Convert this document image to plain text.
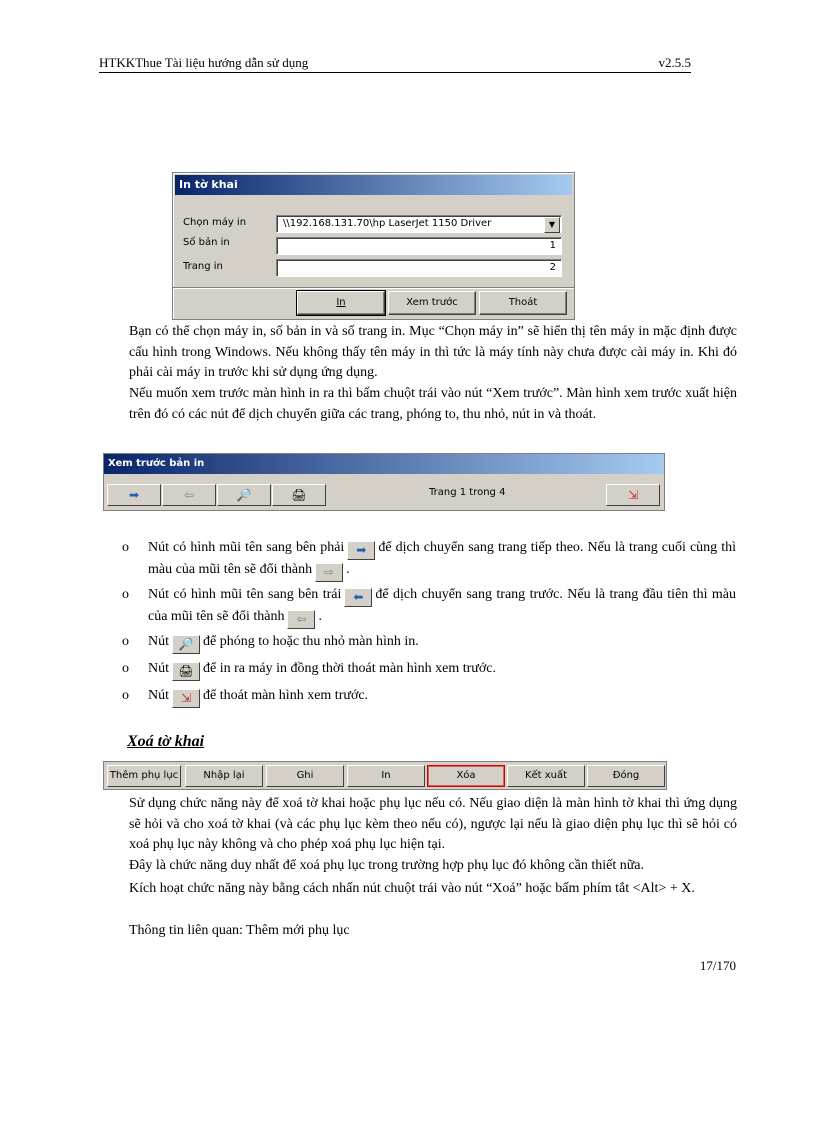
HTKKThue Tài liệu hướng dẫn sử dụng	v2.5.5
In tờ khai
Chọn máy in	\\192.168.131.70\hp LaserJet 1150 Driver	▼
Số bản in	1
Trang in	2
In	Xem trước	Thoát
Bạn có thể chọn máy in, số bản in và số trang in. Mục “Chọn máy in” sẽ hiển thị tên máy in mặc định được cấu hình trong Windows. Nếu không thấy tên máy in thì tức là máy tính này chưa được cài máy in. Khi đó phải cài máy in trước khi sử dụng ứng dụng.
Nếu muốn xem trước màn hình in ra thì bấm chuột trái vào nút “Xem trước”. Màn hình xem trước xuất hiện trên đó có các nút để dịch chuyển giữa các trang, phóng to, thu nhỏ, nút in và thoát.
Xem trước bản in
➡	⇦	🔎	🖨	Trang 1 trong 4	⇲
o Nút có hình mũi tên sang bên phải ➡ để dịch chuyển sang trang tiếp theo. Nếu là trang cuối cùng thì màu của mũi tên sẽ đổi thành ⇨ .
o Nút có hình mũi tên sang bên trái ⬅ để dịch chuyển sang trang trước. Nếu là trang đầu tiên thì màu của mũi tên sẽ đổi thành ⇦ .
o Nút 🔎 để phóng to hoặc thu nhỏ màn hình in.
o Nút 🖨 để in ra máy in đồng thời thoát màn hình xem trước.
o Nút ⇲ để thoát màn hình xem trước.
Xoá tờ khai
Thêm phụ lục	Nhập lại	Ghi	In	Xóa	Kết xuất	Đóng
Sử dụng chức năng này để xoá tờ khai hoặc phụ lục nếu có. Nếu giao diện là màn hình tờ khai thì ứng dụng sẽ hỏi và cho xoá tờ khai (và các phụ lục kèm theo nếu có), ngược lại nếu là giao diện phụ lục thì sẽ hỏi có xoá phụ lục này không và cho phép xoá phụ lục hiện tại.
Đây là chức năng duy nhất để xoá phụ lục trong trường hợp phụ lục đó không cần thiết nữa.
Kích hoạt chức năng này bằng cách nhấn nút chuột trái vào nút “Xoá” hoặc bấm phím tắt <Alt> + X.
Thông tin liên quan: Thêm mới phụ lục
17/170
